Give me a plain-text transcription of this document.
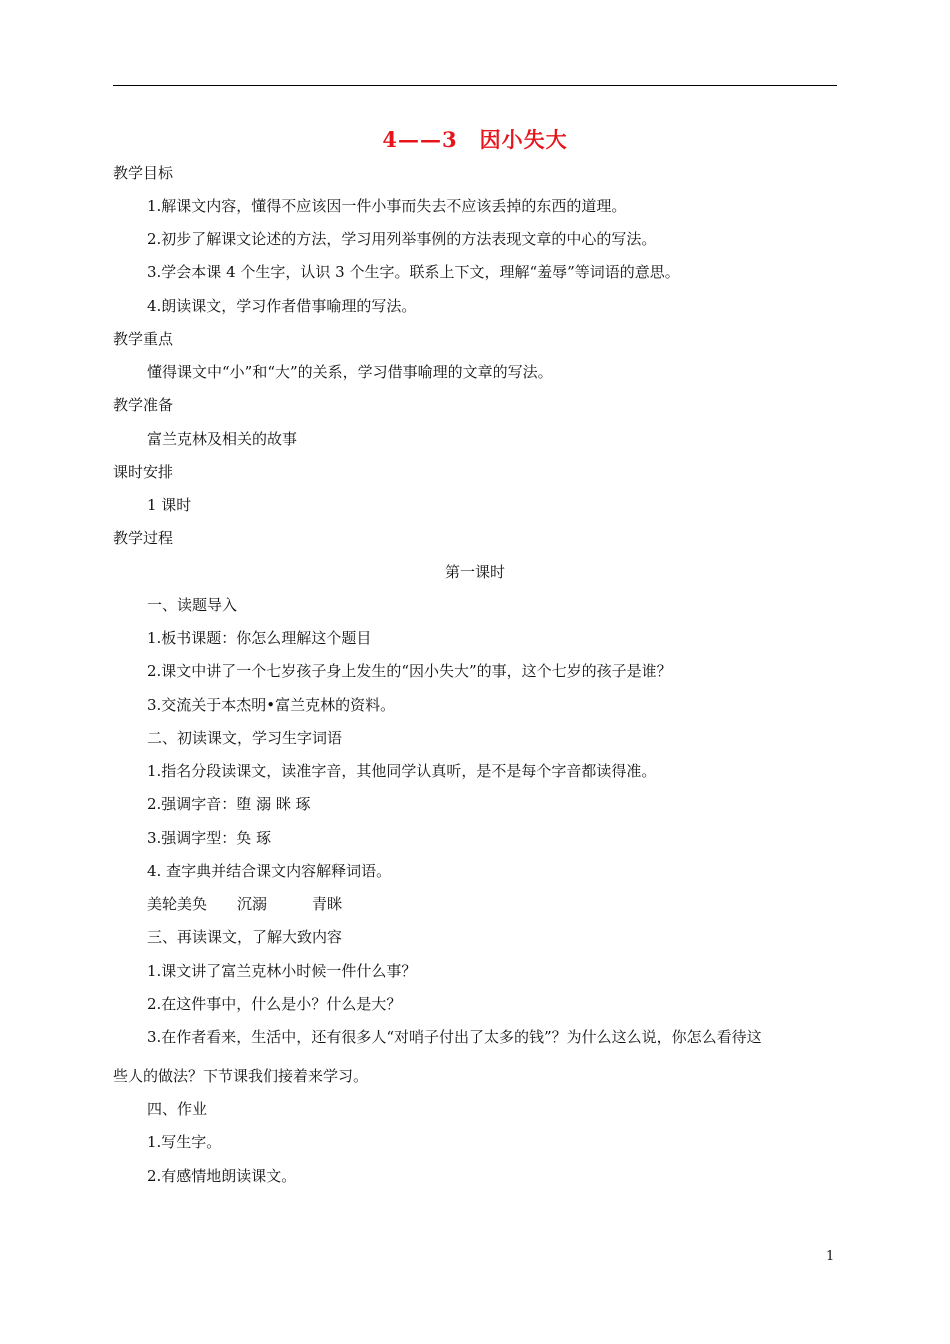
4——3　因小失大
教学目标
1.解课文内容，懂得不应该因一件小事而失去不应该丢掉的东西的道理。
2.初步了解课文论述的方法，学习用列举事例的方法表现文章的中心的写法。
3.学会本课 4 个生字，认识 3 个生字。联系上下文，理解“羞辱”等词语的意思。
4.朗读课文，学习作者借事喻理的写法。
教学重点
懂得课文中“小”和“大”的关系，学习借事喻理的文章的写法。
教学准备
富兰克林及相关的故事
课时安排
1 课时
教学过程
第一课时
一、读题导入
1.板书课题：你怎么理解这个题目
2.课文中讲了一个七岁孩子身上发生的“因小失大”的事，这个七岁的孩子是谁？
3.交流关于本杰明•富兰克林的资料。
二、初读课文，学习生字词语
1.指名分段读课文，读准字音，其他同学认真听，是不是每个字音都读得准。
2.强调字音：堕 溺 眯 琢
3.强调字型：奂 琢
4. 查字典并结合课文内容解释词语。
美轮美奂　　沉溺　　　青眯
三、再读课文，了解大致内容
1.课文讲了富兰克林小时候一件什么事？
2.在这件事中，什么是小？什么是大？
3.在作者看来，生活中，还有很多人“对哨子付出了太多的钱”？为什么这么说，你怎么看待这
些人的做法？下节课我们接着来学习。
四、作业
1.写生字。
2.有感情地朗读课文。
1
